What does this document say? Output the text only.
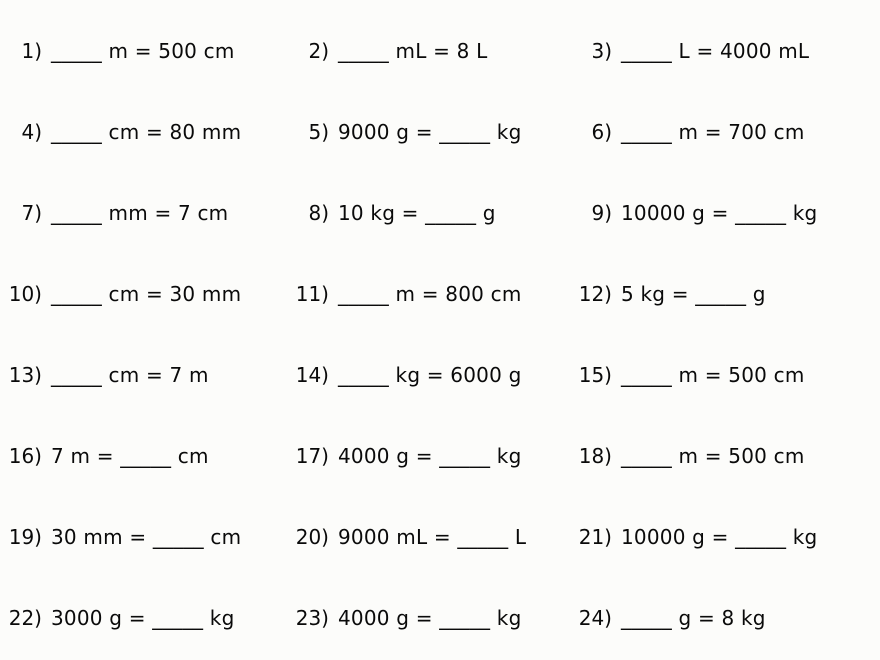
1) _____ m = 500 cm	2) _____ mL = 8 L	3) _____ L = 4000 mL
4) _____ cm = 80 mm	5) 9000 g = _____ kg	6) _____ m = 700 cm
7) _____ mm = 7 cm	8) 10 kg = _____ g	9) 10000 g = _____ kg
10) _____ cm = 30 mm	11) _____ m = 800 cm	12) 5 kg = _____ g
13) _____ cm = 7 m	14) _____ kg = 6000 g	15) _____ m = 500 cm
16) 7 m = _____ cm	17) 4000 g = _____ kg	18) _____ m = 500 cm
19) 30 mm = _____ cm	20) 9000 mL = _____ L	21) 10000 g = _____ kg
22) 3000 g = _____ kg	23) 4000 g = _____ kg	24) _____ g = 8 kg
